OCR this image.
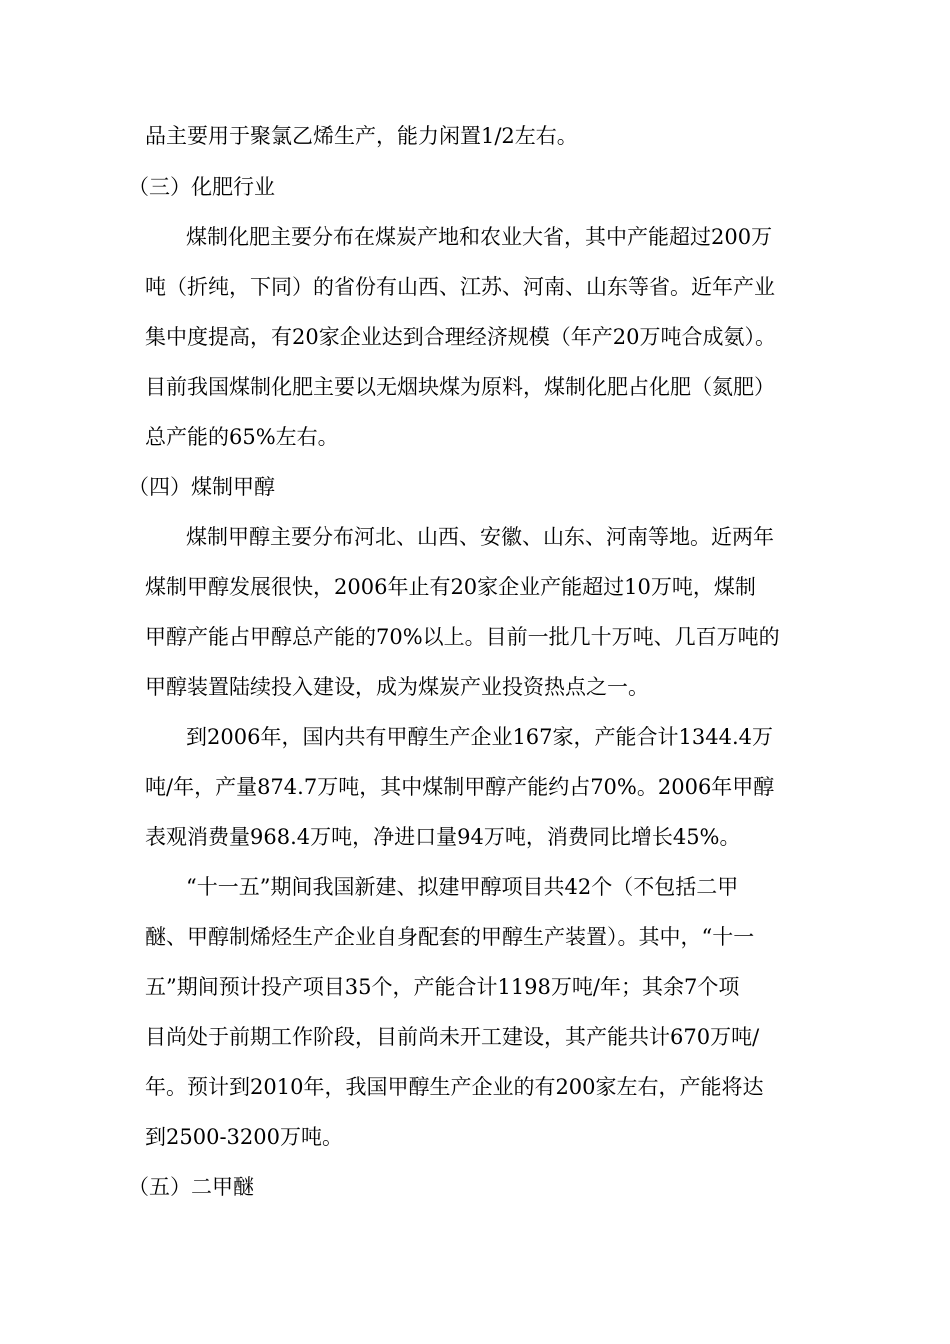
品主要用于聚氯乙烯生产，能力闲置1/2左右。
（三）化肥行业
煤制化肥主要分布在煤炭产地和农业大省，其中产能超过200万
吨（折纯，下同）的省份有山西、江苏、河南、山东等省。近年产业
集中度提高，有20家企业达到合理经济规模（年产20万吨合成氨）。
目前我国煤制化肥主要以无烟块煤为原料，煤制化肥占化肥（氮肥）
总产能的65%左右。
（四）煤制甲醇
煤制甲醇主要分布河北、山西、安徽、山东、河南等地。近两年
煤制甲醇发展很快，2006年止有20家企业产能超过10万吨，煤制
甲醇产能占甲醇总产能的70%以上。目前一批几十万吨、几百万吨的
甲醇装置陆续投入建设，成为煤炭产业投资热点之一。
到2006年，国内共有甲醇生产企业167家，产能合计1344.4万
吨/年，产量874.7万吨，其中煤制甲醇产能约占70%。2006年甲醇
表观消费量968.4万吨，净进口量94万吨，消费同比增长45%。
“十一五”期间我国新建、拟建甲醇项目共42个（不包括二甲
醚、甲醇制烯烃生产企业自身配套的甲醇生产装置）。其中，“十一
五”期间预计投产项目35个，产能合计1198万吨/年；其余7个项
目尚处于前期工作阶段，目前尚未开工建设，其产能共计670万吨/
年。预计到2010年，我国甲醇生产企业的有200家左右，产能将达
到2500-3200万吨。
（五）二甲醚
